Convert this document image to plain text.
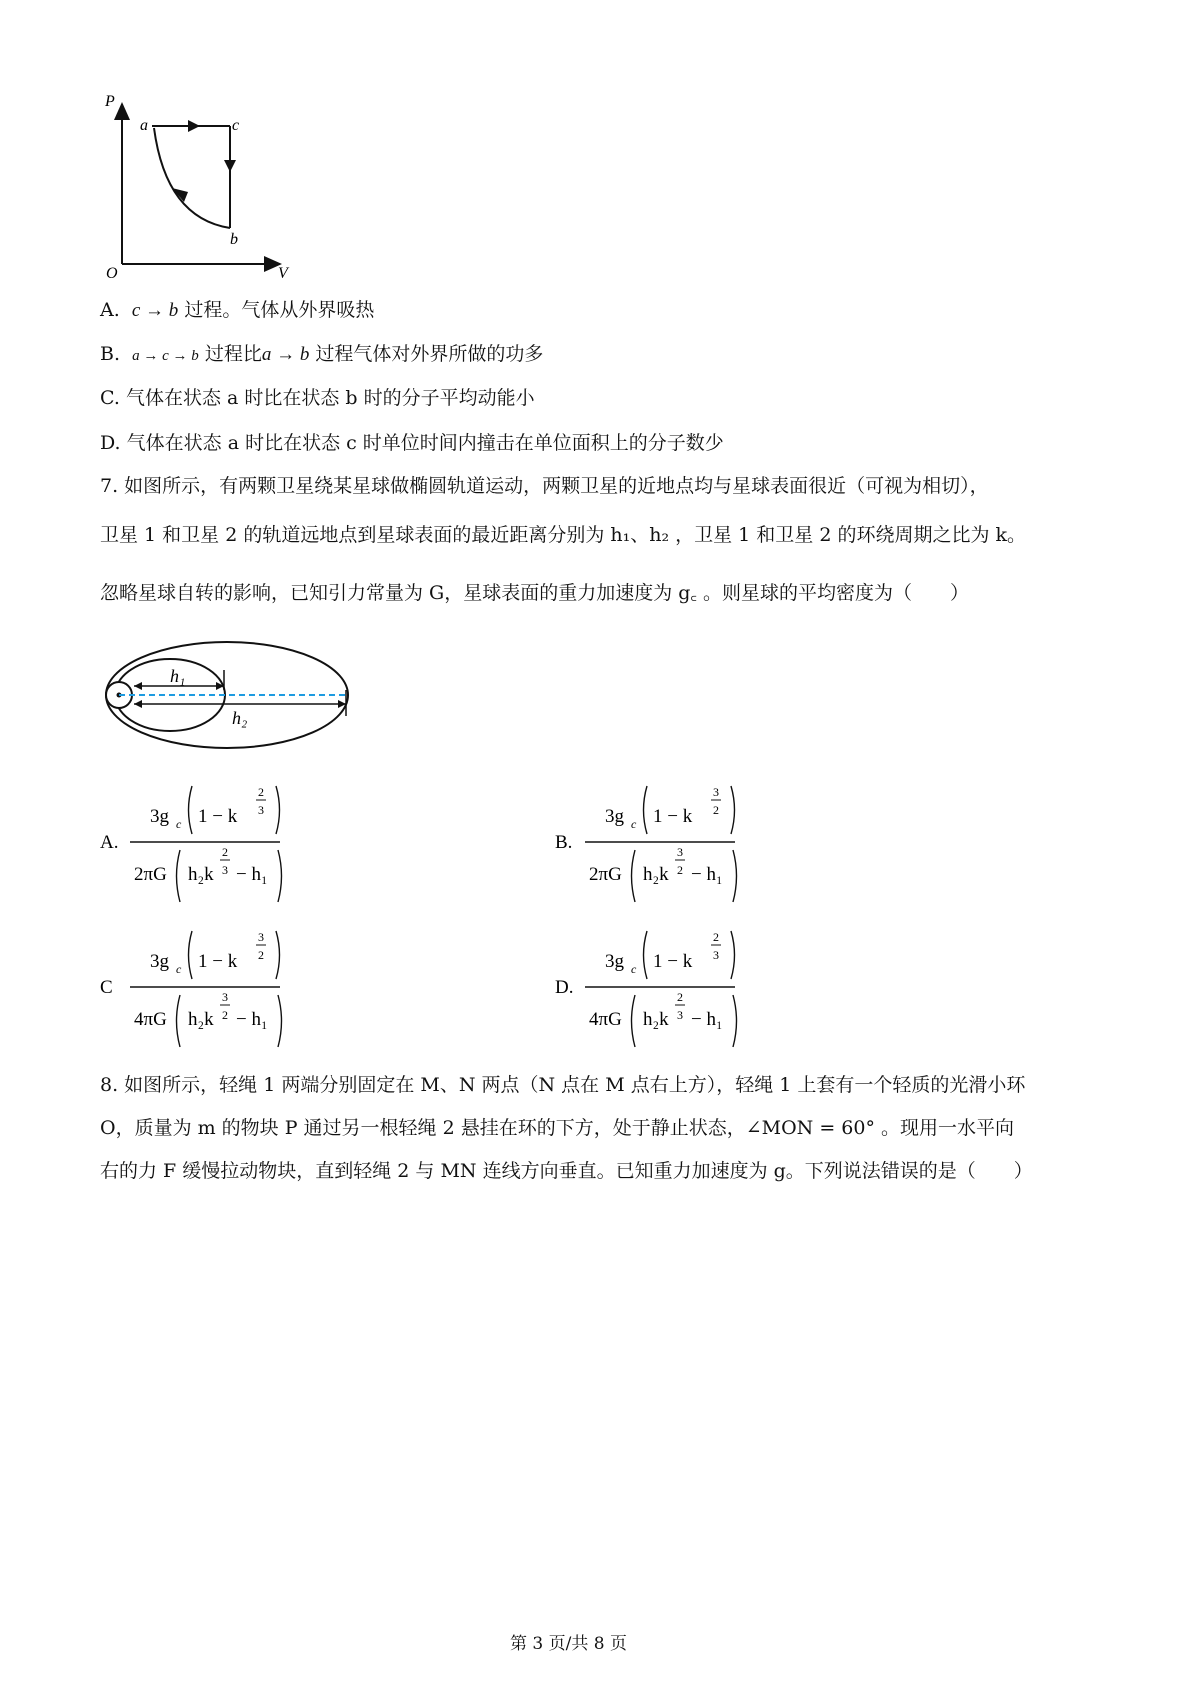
P
V
O
a	c
b
A. c → b 过程。气体从外界吸热
B. a → c → b 过程比a → b 过程气体对外界所做的功多
C. 气体在状态 a 时比在状态 b 时的分子平均动能小
D. 气体在状态 a 时比在状态 c 时单位时间内撞击在单位面积上的分子数少
7. 如图所示，有两颗卫星绕某星球做椭圆轨道运动，两颗卫星的近地点均与星球表面很近（可视为相切），
卫星 1 和卫星 2 的轨道远地点到星球表面的最近距离分别为 h₁、h₂ ，卫星 1 和卫星 2 的环绕周期之比为 k。
忽略星球自转的影响，已知引力常量为 G，星球表面的重力加速度为 g꜀ 。则星球的平均密度为（　　）
h₁
h₂
A.
3g c 1 − k
2
3
2πG h₂k
2
3 − h₁
B.
3g c 1 − k
3
2
2πG h₂k
3
2 − h₁
C
3g c 1 − k
3
2
4πG h₂k
3
2 − h₁
D.
3g c 1 − k
2
3
4πG h₂k
2
3 − h₁
8. 如图所示，轻绳 1 两端分别固定在 M、N 两点（N 点在 M 点右上方），轻绳 1 上套有一个轻质的光滑小环
O，质量为 m 的物块 P 通过另一根轻绳 2 悬挂在环的下方，处于静止状态，∠MON = 60° 。现用一水平向
右的力 F 缓慢拉动物块，直到轻绳 2 与 MN 连线方向垂直。已知重力加速度为 g。下列说法错误的是（　　）
第 3 页/共 8 页
